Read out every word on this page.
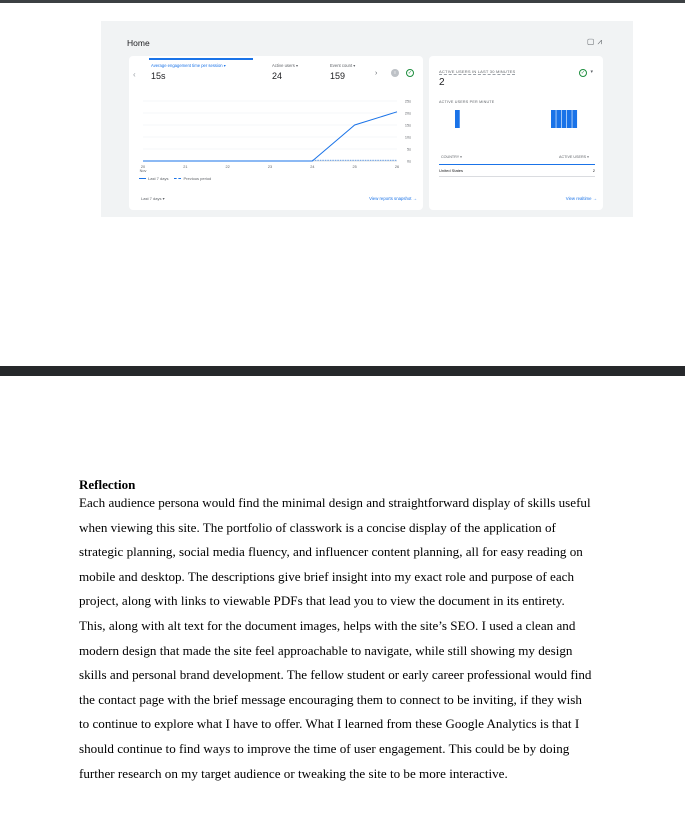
Home	▢⩘
‹
Average engagement time per session ▾
15s
Active users ▾
24
Event count ▾
159	›	≡	✓
25s
20s
15s
10s
5s
0s
20 Nov
21	22	23	24	25	26
Last 7 days	Previous period
Last 7 days ▾	View reports snapshot →
ACTIVE USERS IN LAST 30 MINUTES
2
✓	▾
ACTIVE USERS PER MINUTE
COUNTRY ▾	ACTIVE USERS ▾
United States	2
View realtime →
Reflection
Each audience persona would find the minimal design and straightforward display of skills useful
when viewing this site. The portfolio of classwork is a concise display of the application of
strategic planning, social media fluency, and influencer content planning, all for easy reading on
mobile and desktop. The descriptions give brief insight into my exact role and purpose of each
project, along with links to viewable PDFs that lead you to view the document in its entirety.
This, along with alt text for the document images, helps with the site’s SEO. I used a clean and
modern design that made the site feel approachable to navigate, while still showing my design
skills and personal brand development. The fellow student or early career professional would find
the contact page with the brief message encouraging them to connect to be inviting, if they wish
to continue to explore what I have to offer. What I learned from these Google Analytics is that I
should continue to find ways to improve the time of user engagement. This could be by doing
further research on my target audience or tweaking the site to be more interactive.
